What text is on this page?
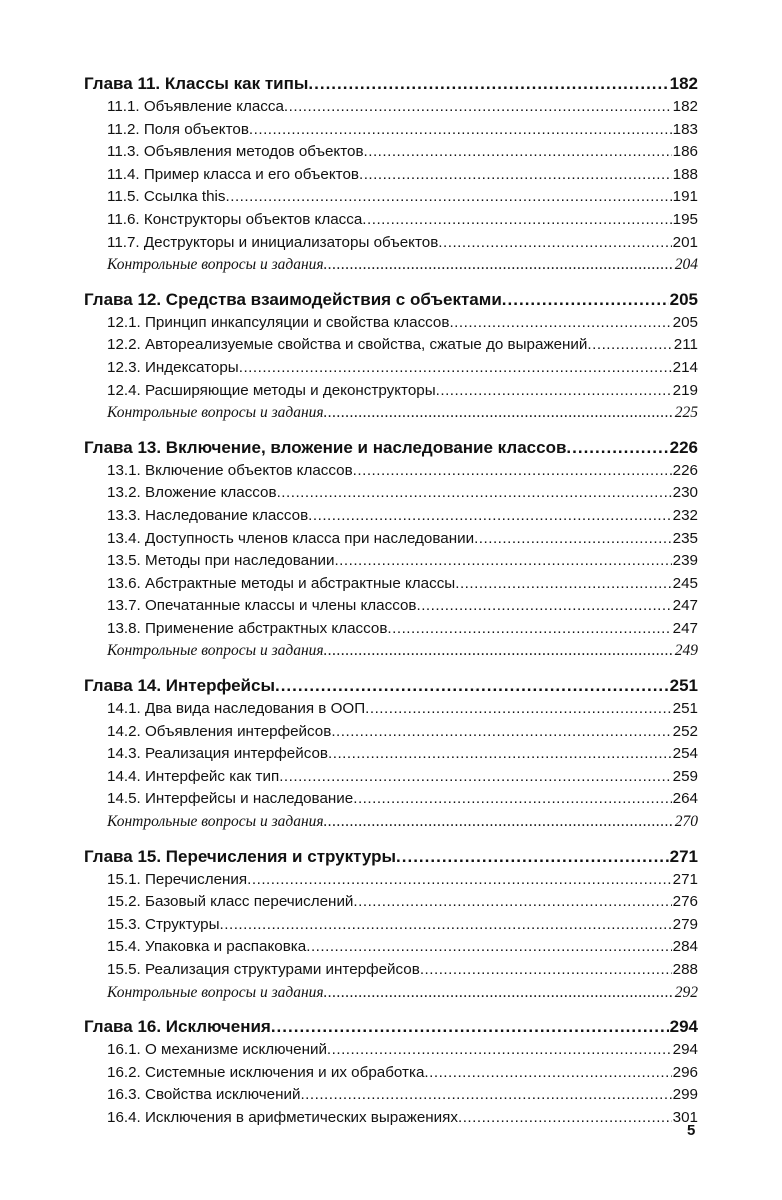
Глава 11. Классы как типы .....	182
11.1. Объявление класса .....	182
11.2. Поля объектов .....	183
11.3. Объявления методов объектов .....	186
11.4. Пример класса и его объектов .....	188
11.5. Ссылка this .....	191
11.6. Конструкторы объектов класса .....	195
11.7. Деструкторы и инициализаторы объектов .....	201
Контрольные вопросы и задания .....	204
Глава 12. Средства взаимодействия с объектами .....	205
12.1. Принцип инкапсуляции и свойства классов .....	205
12.2. Автореализуемые свойства и свойства, сжатые до выражений .....	211
12.3. Индексаторы .....	214
12.4. Расширяющие методы и деконструкторы .....	219
Контрольные вопросы и задания .....	225
Глава 13. Включение, вложение и наследование классов .....	226
13.1. Включение объектов классов .....	226
13.2. Вложение классов .....	230
13.3. Наследование классов .....	232
13.4. Доступность членов класса при наследовании .....	235
13.5. Методы при наследовании .....	239
13.6. Абстрактные методы и абстрактные классы .....	245
13.7. Опечатанные классы и члены классов .....	247
13.8. Применение абстрактных классов .....	247
Контрольные вопросы и задания .....	249
Глава 14. Интерфейсы .....	251
14.1. Два вида наследования в ООП .....	251
14.2. Объявления интерфейсов .....	252
14.3. Реализация интерфейсов .....	254
14.4. Интерфейс как тип .....	259
14.5. Интерфейсы и наследование .....	264
Контрольные вопросы и задания .....	270
Глава 15. Перечисления и структуры .....	271
15.1. Перечисления .....	271
15.2. Базовый класс перечислений .....	276
15.3. Структуры .....	279
15.4. Упаковка и распаковка .....	284
15.5. Реализация структурами интерфейсов .....	288
Контрольные вопросы и задания .....	292
Глава 16. Исключения .....	294
16.1. О механизме исключений .....	294
16.2. Системные исключения и их обработка .....	296
16.3. Свойства исключений .....	299
16.4. Исключения в арифметических выражениях .....	301
5
